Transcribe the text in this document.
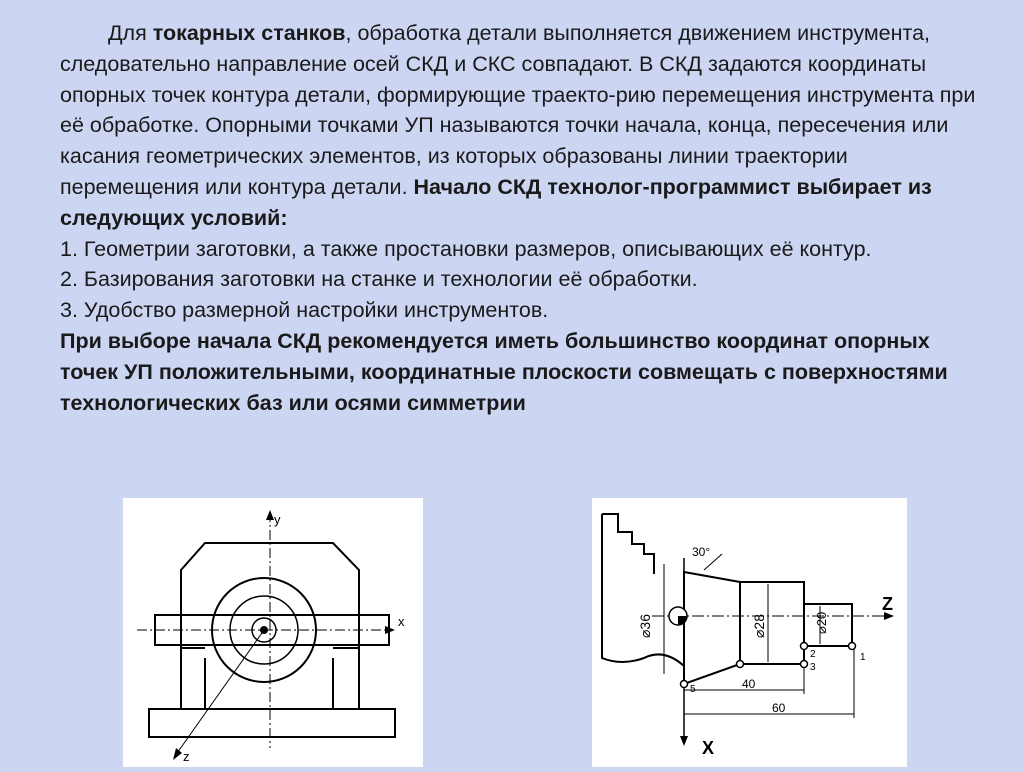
Для токарных станков, обработка детали выполняется движением инструмента, следовательно направление осей СКД и СКС совпадают. В СКД задаются координаты опорных точек контура детали, формирующие траекто-рию перемещения инструмента при её обработке. Опорными точками УП называются точки начала, конца, пересечения или касания геометрических элементов, из которых образованы линии траектории перемещения или контура детали. Начало СКД технолог-программист выбирает из следующих условий:

1. Геометрии заготовки, а также простановки размеров, описывающих её контур.

2. Базирования заготовки на станке и технологии её обработки.

3. Удобство размерной настройки инструментов.

При выборе начала СКД рекомендуется иметь большинство координат опорных точек УП положительными, координатные плоскости совмещать с поверхностями технологических баз или осями симметрии

y
x
z
30°
⌀36	⌀28	⌀20
Z
X
1
2
3
5	40
60
